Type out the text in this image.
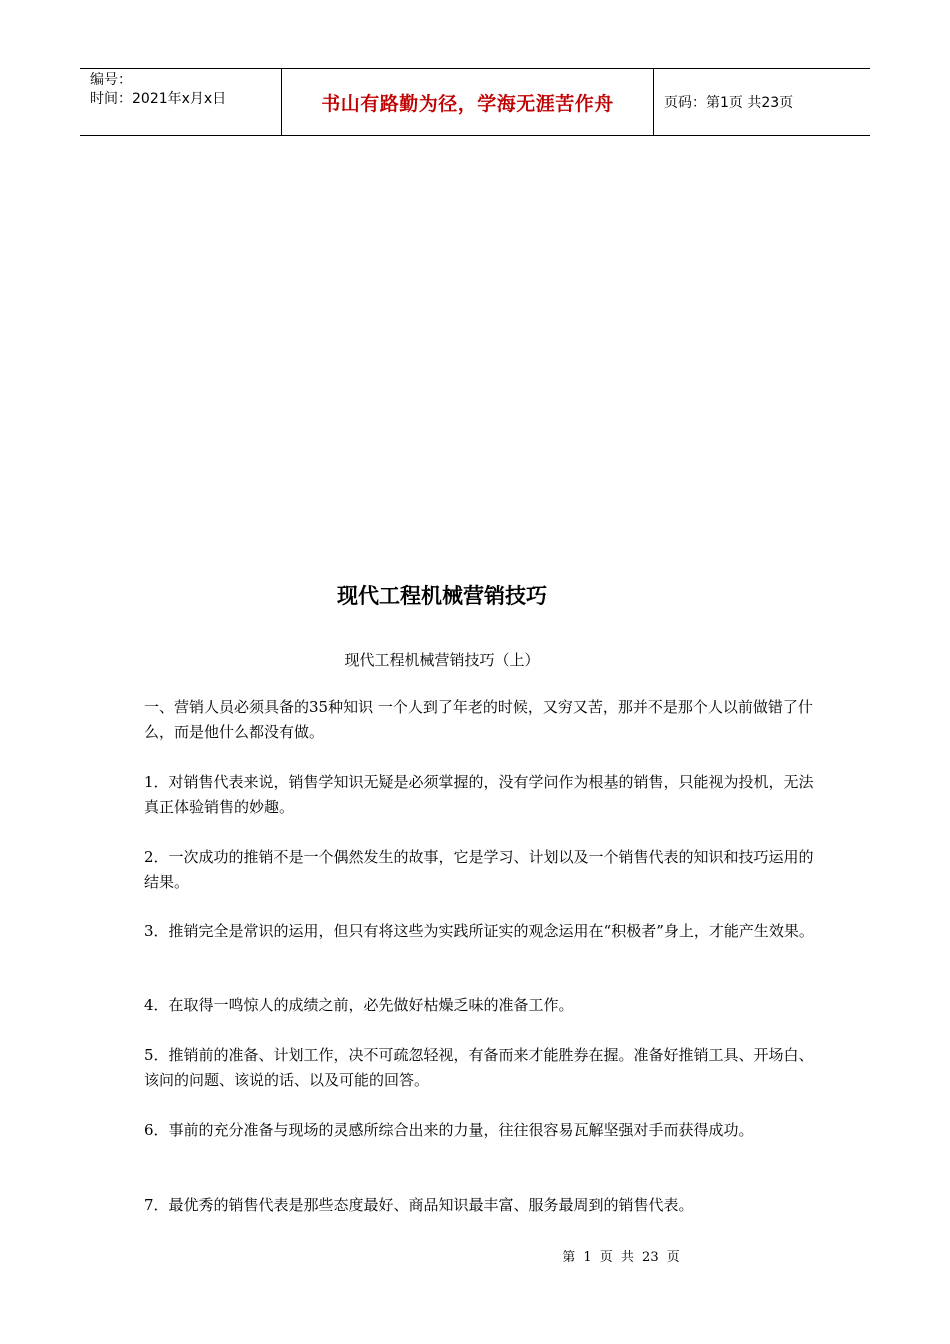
编号：
时间：2021年x月x日	书山有路勤为径，学海无涯苦作舟	页码：第1页 共23页
现代工程机械营销技巧
现代工程机械营销技巧（上）

一、营销人员必须具备的35种知识 一个人到了年老的时候，又穷又苦，那并不是那个人以前做错了什么，而是他什么都没有做。

1．对销售代表来说，销售学知识无疑是必须掌握的，没有学问作为根基的销售，只能视为投机，无法真正体验销售的妙趣。

2．一次成功的推销不是一个偶然发生的故事，它是学习、计划以及一个销售代表的知识和技巧运用的结果。

3．推销完全是常识的运用，但只有将这些为实践所证实的观念运用在“积极者”身上，才能产生效果。

4．在取得一鸣惊人的成绩之前，必先做好枯燥乏味的准备工作。

5．推销前的准备、计划工作，决不可疏忽轻视，有备而来才能胜券在握。准备好推销工具、开场白、该问的问题、该说的话、以及可能的回答。

6．事前的充分准备与现场的灵感所综合出来的力量，往往很容易瓦解坚强对手而获得成功。

7．最优秀的销售代表是那些态度最好、商品知识最丰富、服务最周到的销售代表。

第 1 页 共 23 页
